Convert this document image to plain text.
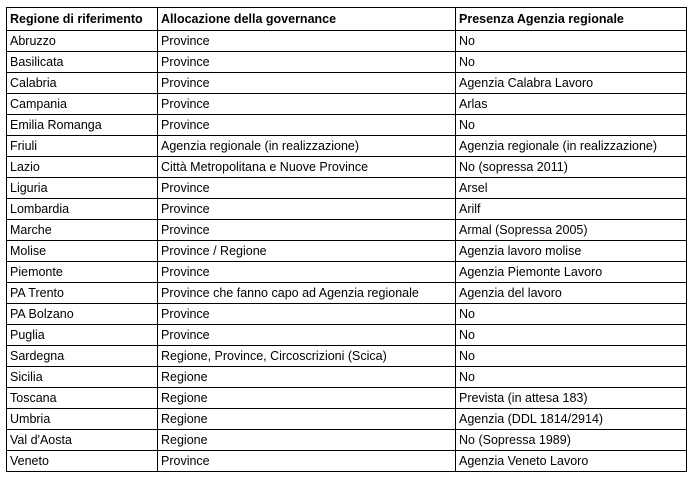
Regione di riferimento	Allocazione della governance	Presenza Agenzia regionale
Abruzzo	Province	No
Basilicata	Province	No
Calabria	Province	Agenzia Calabra Lavoro
Campania	Province	Arlas
Emilia Romanga	Province	No
Friuli	Agenzia regionale (in realizzazione)	Agenzia regionale (in realizzazione)
Lazio	Città Metropolitana e Nuove Province	No (sopressa 2011)
Liguria	Province	Arsel
Lombardia	Province	Arilf
Marche	Province	Armal (Sopressa 2005)
Molise	Province / Regione	Agenzia lavoro molise
Piemonte	Province	Agenzia Piemonte Lavoro
PA Trento	Province che fanno capo ad Agenzia regionale	Agenzia del lavoro
PA Bolzano	Province	No
Puglia	Province	No
Sardegna	Regione, Province, Circoscrizioni (Scica)	No
Sicilia	Regione	No
Toscana	Regione	Prevista (in attesa 183)
Umbria	Regione	Agenzia (DDL 1814/2914)
Val d'Aosta	Regione	No (Sopressa 1989)
Veneto	Province	Agenzia Veneto Lavoro
